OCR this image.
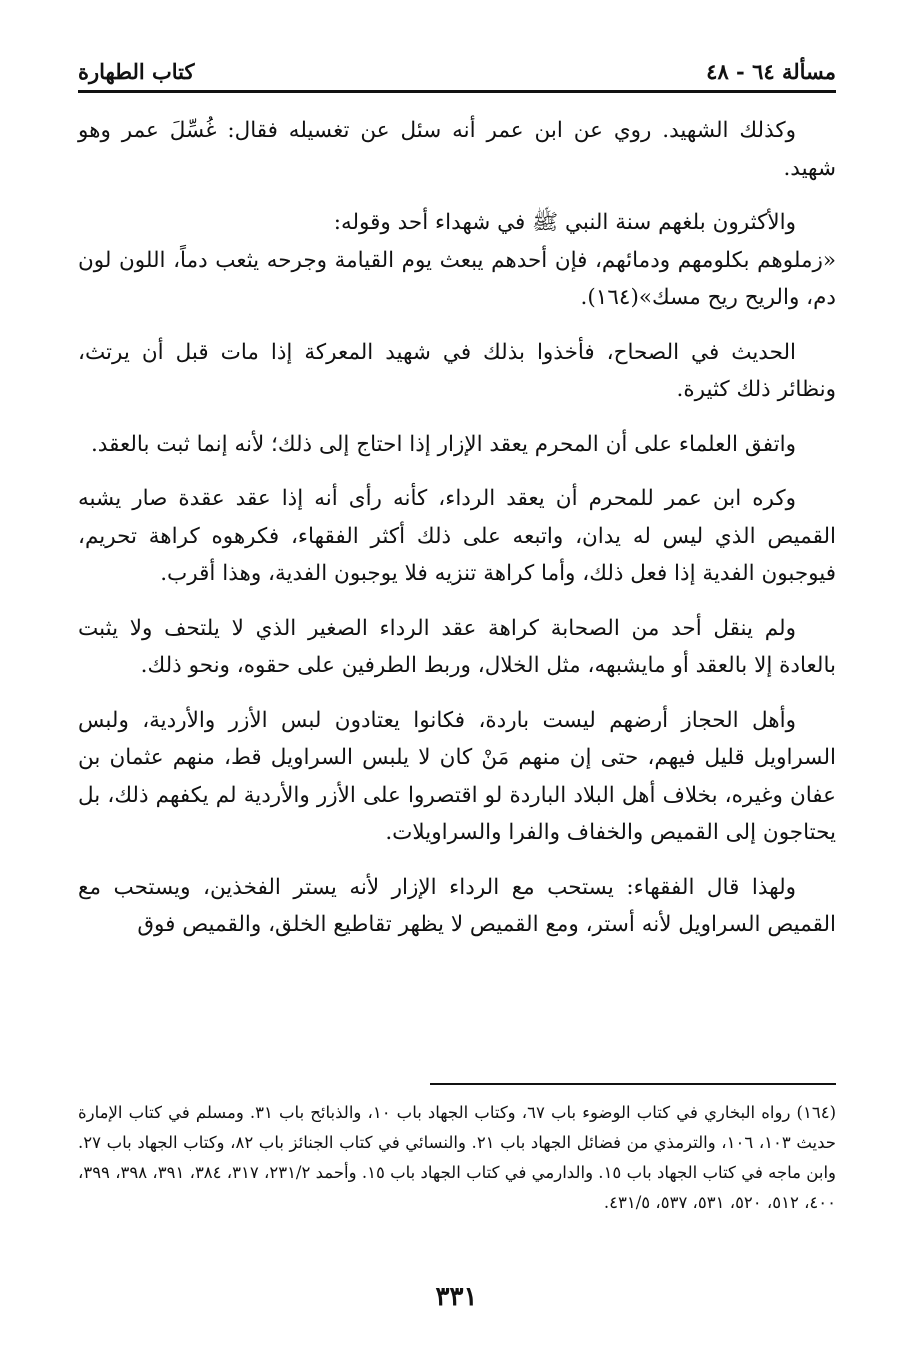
مسألة ٦٤ - ٤٨
كتاب الطهارة

وكذلك الشهيد. روي عن ابن عمر أنه سئل عن تغسيله فقال: غُسِّلَ عمر وهو شهيد.

والأكثرون بلغهم سنة النبي ﷺ في شهداء أحد وقوله:

«زملوهم بكلومهم ودمائهم، فإن أحدهم يبعث يوم القيامة وجرحه يثعب دماً، اللون لون دم، والريح ريح مسك»(١٦٤).

الحديث في الصحاح، فأخذوا بذلك في شهيد المعركة إذا مات قبل أن يرتث، ونظائر ذلك كثيرة.

واتفق العلماء على أن المحرم يعقد الإزار إذا احتاج إلى ذلك؛ لأنه إنما ثبت بالعقد.

وكره ابن عمر للمحرم أن يعقد الرداء، كأنه رأى أنه إذا عقد عقدة صار يشبه القميص الذي ليس له يدان، واتبعه على ذلك أكثر الفقهاء، فكرهوه كراهة تحريم، فيوجبون الفدية إذا فعل ذلك، وأما كراهة تنزيه فلا يوجبون الفدية، وهذا أقرب.

ولم ينقل أحد من الصحابة كراهة عقد الرداء الصغير الذي لا يلتحف ولا يثبت بالعادة إلا بالعقد أو مايشبهه، مثل الخلال، وربط الطرفين على حقوه، ونحو ذلك.

وأهل الحجاز أرضهم ليست باردة، فكانوا يعتادون لبس الأزر والأردية، ولبس السراويل قليل فيهم، حتى إن منهم مَنْ كان لا يلبس السراويل قط، منهم عثمان بن عفان وغيره، بخلاف أهل البلاد الباردة لو اقتصروا على الأزر والأردية لم يكفهم ذلك، بل يحتاجون إلى القميص والخفاف والفرا والسراويلات.

ولهذا قال الفقهاء: يستحب مع الرداء الإزار لأنه يستر الفخذين، ويستحب مع القميص السراويل لأنه أستر، ومع القميص لا يظهر تقاطيع الخلق، والقميص فوق

(١٦٤) رواه البخاري في كتاب الوضوء باب ٦٧، وكتاب الجهاد باب ١٠، والذبائح باب ٣١. ومسلم في كتاب الإمارة حديث ١٠٣، ١٠٦، والترمذي من فضائل الجهاد باب ٢١. والنسائي في كتاب الجنائز باب ٨٢، وكتاب الجهاد باب ٢٧. وابن ماجه في كتاب الجهاد باب ١٥. والدارمي في كتاب الجهاد باب ١٥. وأحمد ٢٣١/٢، ٣١٧، ٣٨٤، ٣٩١، ٣٩٨، ٣٩٩، ٤٠٠، ٥١٢، ٥٢٠، ٥٣١، ٥٣٧، ٤٣١/٥.

٣٣١
